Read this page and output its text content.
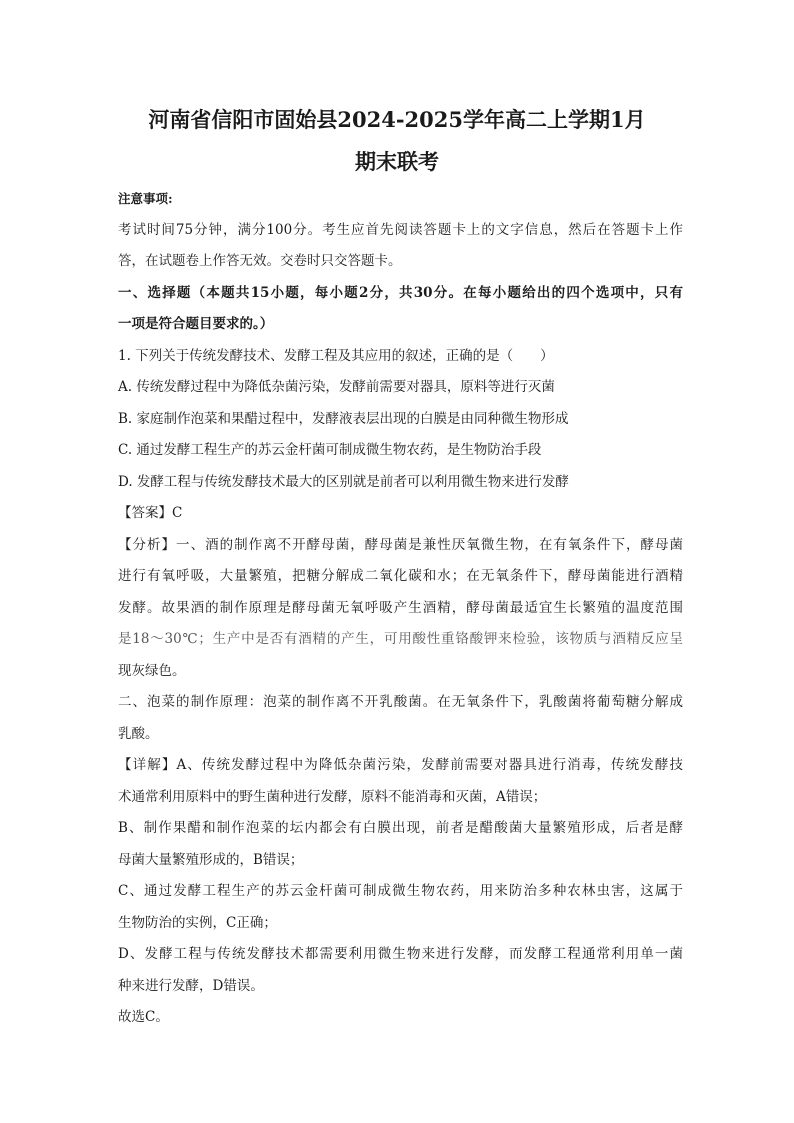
河南省信阳市固始县2024-2025学年高二上学期1月
期末联考
注意事项:
考试时间75分钟，满分100分。考生应首先阅读答题卡上的文字信息，然后在答题卡上作
答，在试题卷上作答无效。交卷时只交答题卡。
一、选择题（本题共15小题，每小题2分，共30分。在每小题给出的四个选项中，只有
一项是符合题目要求的。）
1. 下列关于传统发酵技术、发酵工程及其应用的叙述，正确的是（　　）
A. 传统发酵过程中为降低杂菌污染，发酵前需要对器具，原料等进行灭菌
B. 家庭制作泡菜和果醋过程中，发酵液表层出现的白膜是由同种微生物形成
C. 通过发酵工程生产的苏云金杆菌可制成微生物农药，是生物防治手段
D. 发酵工程与传统发酵技术最大的区别就是前者可以利用微生物来进行发酵
【答案】C
【分析】一、酒的制作离不开酵母菌，酵母菌是兼性厌氧微生物，在有氧条件下，酵母菌
进行有氧呼吸，大量繁殖，把糖分解成二氧化碳和水；在无氧条件下，酵母菌能进行酒精
发酵。故果酒的制作原理是酵母菌无氧呼吸产生酒精，酵母菌最适宜生长繁殖的温度范围
是18～30℃；生产中是否有酒精的产生，可用酸性重铬酸钾来检验，该物质与酒精反应呈
现灰绿色。
二、泡菜的制作原理：泡菜的制作离不开乳酸菌。在无氧条件下，乳酸菌将葡萄糖分解成
乳酸。
【详解】A、传统发酵过程中为降低杂菌污染，发酵前需要对器具进行消毒，传统发酵技
术通常利用原料中的野生菌种进行发酵，原料不能消毒和灭菌，A错误；
B、制作果醋和制作泡菜的坛内都会有白膜出现，前者是醋酸菌大量繁殖形成，后者是酵
母菌大量繁殖形成的，B错误；
C、通过发酵工程生产的苏云金杆菌可制成微生物农药，用来防治多种农林虫害，这属于
生物防治的实例，C正确；
D、发酵工程与传统发酵技术都需要利用微生物来进行发酵，而发酵工程通常利用单一菌
种来进行发酵，D错误。
故选C。
